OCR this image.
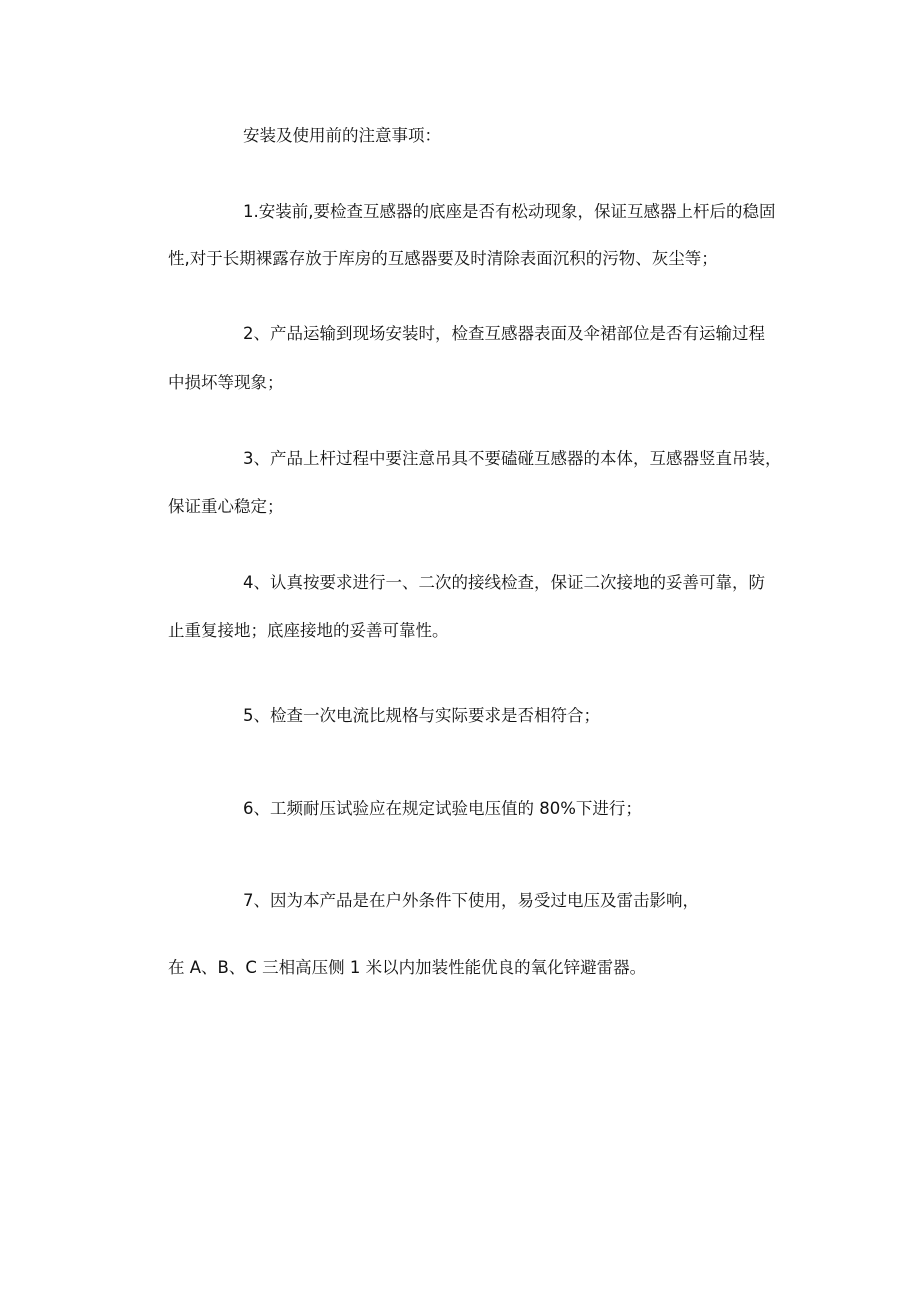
安装及使用前的注意事项：
1.安装前,要检查互感器的底座是否有松动现象，保证互感器上杆后的稳固
性,对于长期裸露存放于库房的互感器要及时清除表面沉积的污物、灰尘等；
2、产品运输到现场安装时，检查互感器表面及伞裙部位是否有运输过程
中损坏等现象；
3、产品上杆过程中要注意吊具不要磕碰互感器的本体，互感器竖直吊装，
保证重心稳定；
4、认真按要求进行一、二次的接线检查，保证二次接地的妥善可靠，防
止重复接地；底座接地的妥善可靠性。
5、检查一次电流比规格与实际要求是否相符合；
6、工频耐压试验应在规定试验电压值的 80%下进行；
7、因为本产品是在户外条件下使用，易受过电压及雷击影响，
在 A、B、C 三相高压侧 1 米以内加装性能优良的氧化锌避雷器。
